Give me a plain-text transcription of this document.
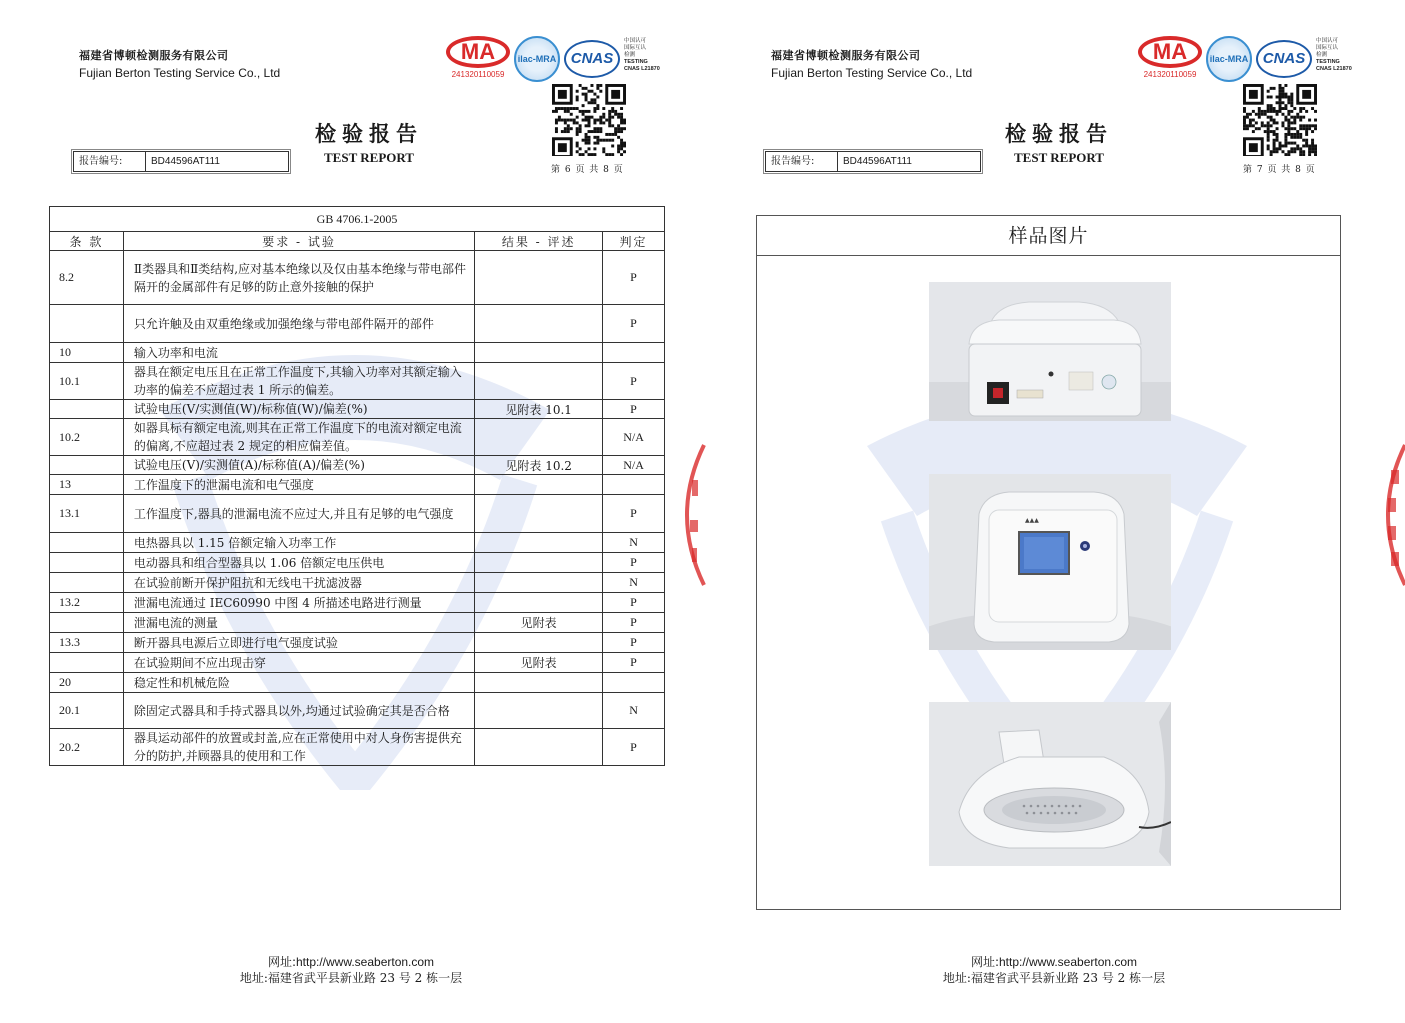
福建省博顿检测服务有限公司
Fujian Berton Testing Service Co., Ltd
MA
241320110059
ilac-MRA CNAS
中国认可
国际互认
检测
TESTING
CNAS L21870
第 6 页 共 8 页
检验报告
TEST REPORT
报告编号:	BD44596AT111
GB 4706.1-2005			
条 款	要求 - 试验	结果 - 评述	判定
8.2	Ⅱ类器具和Ⅱ类结构,应对基本绝缘以及仅由基本绝缘与带电部件隔开的金属部件有足够的防止意外接触的保护		P
	只允许触及由双重绝缘或加强绝缘与带电部件隔开的部件		P
10	输入功率和电流		
10.1	器具在额定电压且在正常工作温度下,其输入功率对其额定输入功率的偏差不应超过表 1 所示的偏差。		P
	试验电压(V/实测值(W)/标称值(W)/偏差(%)	见附表 10.1	P
10.2	如器具标有额定电流,则其在正常工作温度下的电流对额定电流的偏离,不应超过表 2 规定的相应偏差值。		N/A
	试验电压(V)/实测值(A)/标称值(A)/偏差(%)	见附表 10.2	N/A
13	工作温度下的泄漏电流和电气强度		
13.1	工作温度下,器具的泄漏电流不应过大,并且有足够的电气强度		P
	电热器具以 1.15 倍额定输入功率工作		N
	电动器具和组合型器具以 1.06 倍额定电压供电		P
	在试验前断开保护阻抗和无线电干扰滤波器		N
13.2	泄漏电流通过 IEC60990 中图 4 所描述电路进行测量		P
	泄漏电流的测量	见附表	P
13.3	断开器具电源后立即进行电气强度试验		P
	在试验期间不应出现击穿	见附表	P
20	稳定性和机械危险		
20.1	除固定式器具和手持式器具以外,均通过试验确定其是否合格		N
20.2	器具运动部件的放置或封盖,应在正常使用中对人身伤害提供充分的防护,并顾器具的使用和工作		P
网址:http://www.seaberton.com
地址:福建省武平县新业路 23 号 2 栋一层
福建省博顿检测服务有限公司
Fujian Berton Testing Service Co., Ltd
MA
241320110059
ilac-MRA CNAS
中国认可
国际互认
检测
TESTING
CNAS L21870
第 7 页 共 8 页
检验报告
TEST REPORT
报告编号:	BD44596AT111
样品图片
▲▲▲
网址:http://www.seaberton.com
地址:福建省武平县新业路 23 号 2 栋一层
